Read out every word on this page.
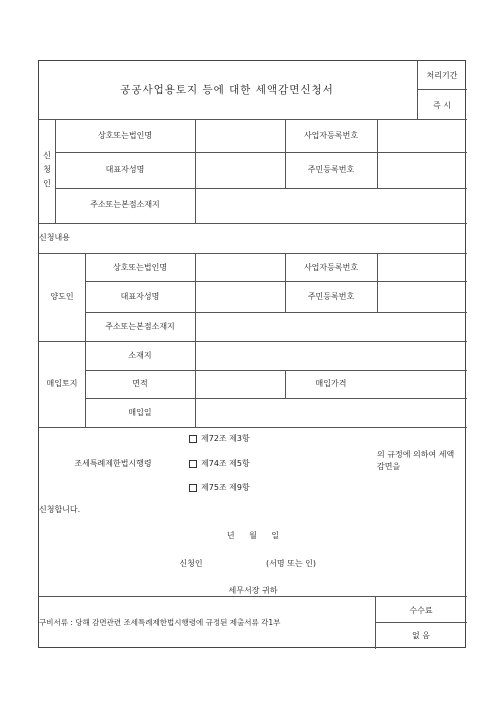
공공사업용토지 등에 대한 세액감면신청서
처리기간
즉 시
신청인
상호또는법인명	사업자등록번호
대표자성명	주민등록번호
주소또는본점소재지
신청내용
양도인
상호또는법인명	사업자등록번호
대표자성명	주민등록번호
주소또는본점소재지
매입토지
소재지
면적	매입가격
매입일
조세특례제한법시행령
제72조 제3항
제74조 제5항
제75조 제9항
의 규정에 의하여 세액감면을
신청합니다.
년 월 일
신청인	(서명 또는 인)
세무서장 귀하
구비서류 : 당해 감면관련 조세특례제한법시행령에 규정된 제출서류 각1부
수수료
없 음
